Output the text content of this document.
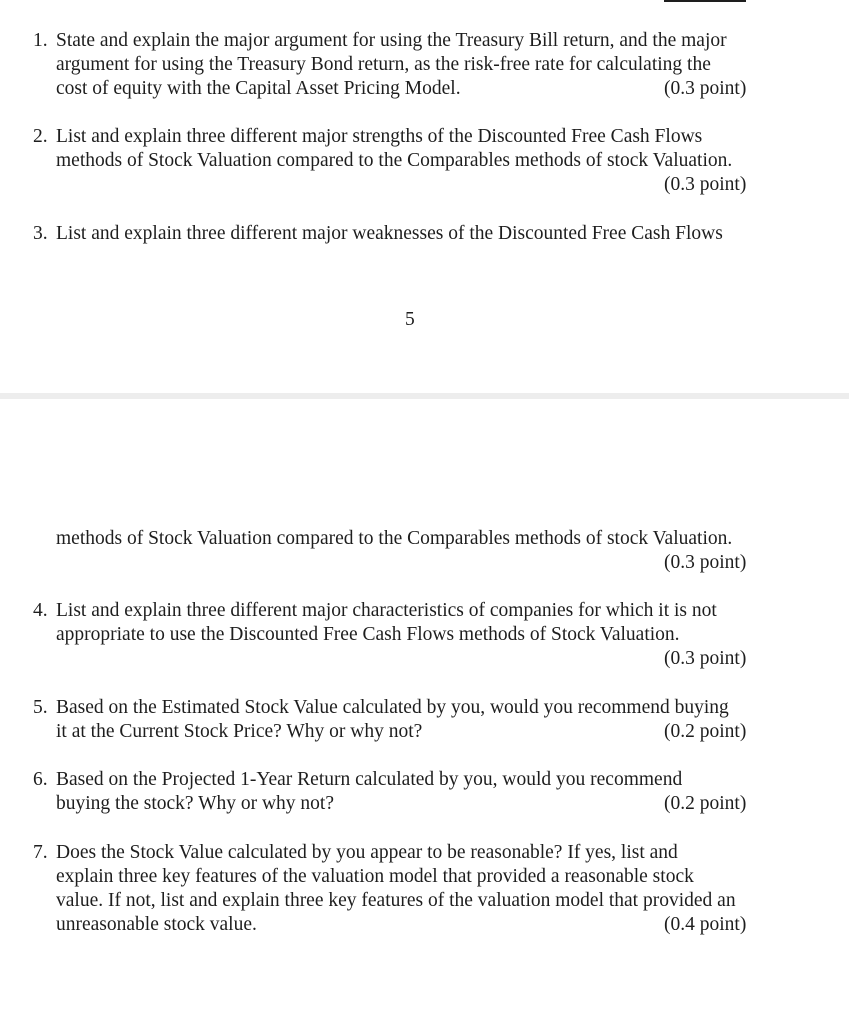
1. State and explain the major argument for using the Treasury Bill return, and the major
argument for using the Treasury Bond return, as the risk-free rate for calculating the
cost of equity with the Capital Asset Pricing Model.	(0.3 point)
2. List and explain three different major strengths of the Discounted Free Cash Flows
methods of Stock Valuation compared to the Comparables methods of stock Valuation.
(0.3 point)
3. List and explain three different major weaknesses of the Discounted Free Cash Flows
5
methods of Stock Valuation compared to the Comparables methods of stock Valuation.
(0.3 point)
4. List and explain three different major characteristics of companies for which it is not
appropriate to use the Discounted Free Cash Flows methods of Stock Valuation.
(0.3 point)
5. Based on the Estimated Stock Value calculated by you, would you recommend buying
it at the Current Stock Price? Why or why not?	(0.2 point)
6. Based on the Projected 1-Year Return calculated by you, would you recommend
buying the stock? Why or why not?	(0.2 point)
7. Does the Stock Value calculated by you appear to be reasonable? If yes, list and
explain three key features of the valuation model that provided a reasonable stock
value. If not, list and explain three key features of the valuation model that provided an
unreasonable stock value.	(0.4 point)
